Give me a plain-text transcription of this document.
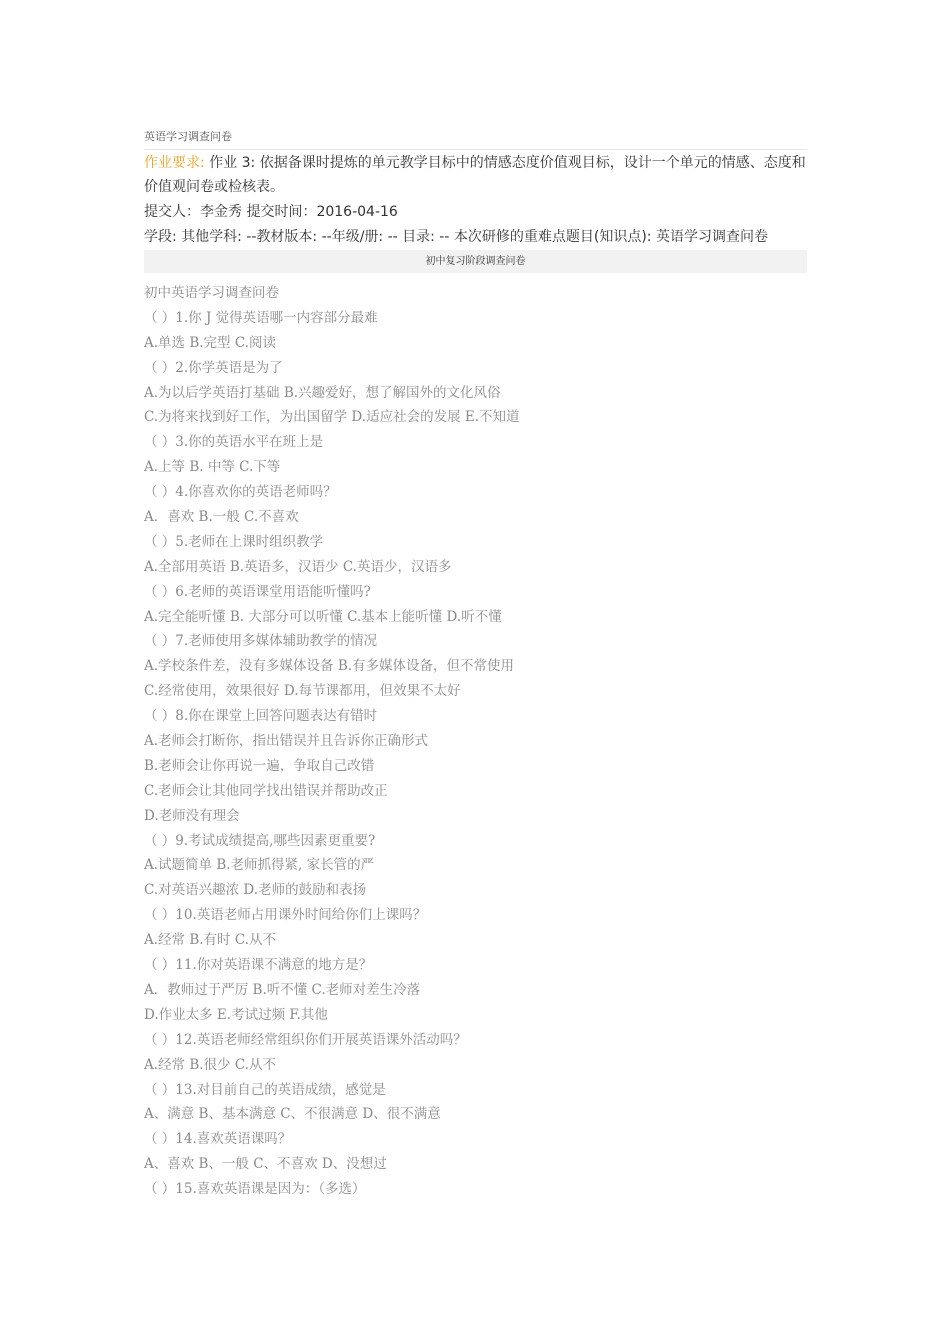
英语学习调查问卷
作业要求: 作业 3: 依据备课时提炼的单元教学目标中的情感态度价值观目标，设计一个单元的情感、态度和价值观问卷或检核表。
提交人：李金秀 提交时间：2016-04-16
学段: 其他学科: --教材版本: --年级/册: -- 目录: -- 本次研修的重难点题目(知识点): 英语学习调查问卷
初中复习阶段调查问卷
初中英语学习调查问卷
（ ）1.你 J 觉得英语哪一内容部分最难
A.单选 B.完型 C.阅读
（ ）2.你学英语是为了
A.为以后学英语打基础 B.兴趣爱好，想了解国外的文化风俗
C.为将来找到好工作，为出国留学 D.适应社会的发展 E.不知道
（ ）3.你的英语水平在班上是
A.上等 B. 中等 C.下等
（ ）4.你喜欢你的英语老师吗？
A．喜欢 B.一般 C.不喜欢
（ ）5.老师在上课时组织教学
A.全部用英语 B.英语多，汉语少 C.英语少，汉语多
（ ）6.老师的英语课堂用语能听懂吗?
A.完全能听懂 B. 大部分可以听懂 C.基本上能听懂 D.听不懂
（ ）7.老师使用多媒体辅助教学的情况
A.学校条件差，没有多媒体设备 B.有多媒体设备，但不常使用
C.经常使用，效果很好 D.每节课都用，但效果不太好
（ ）8.你在课堂上回答问题表达有错时
A.老师会打断你，指出错误并且告诉你正确形式
B.老师会让你再说一遍，争取自己改错
C.老师会让其他同学找出错误并帮助改正
D.老师没有理会
（ ）9.考试成绩提高,哪些因素更重要?
A.试题简单 B.老师抓得紧, 家长管的严
C.对英语兴趣浓 D.老师的鼓励和表扬
（ ）10.英语老师占用课外时间给你们上课吗？
A.经常 B.有时 C.从不
（ ）11.你对英语课不满意的地方是？
A．教师过于严厉 B.听不懂 C.老师对差生冷落
D.作业太多 E.考试过频 F.其他
（ ）12.英语老师经常组织你们开展英语课外活动吗？
A.经常 B.很少 C.从不
（ ）13.对目前自己的英语成绩，感觉是
A、满意 B、基本满意 C、不很满意 D、很不满意
（ ）14.喜欢英语课吗？
A、喜欢 B、一般 C、不喜欢 D、没想过
（ ）15.喜欢英语课是因为：（多选）
